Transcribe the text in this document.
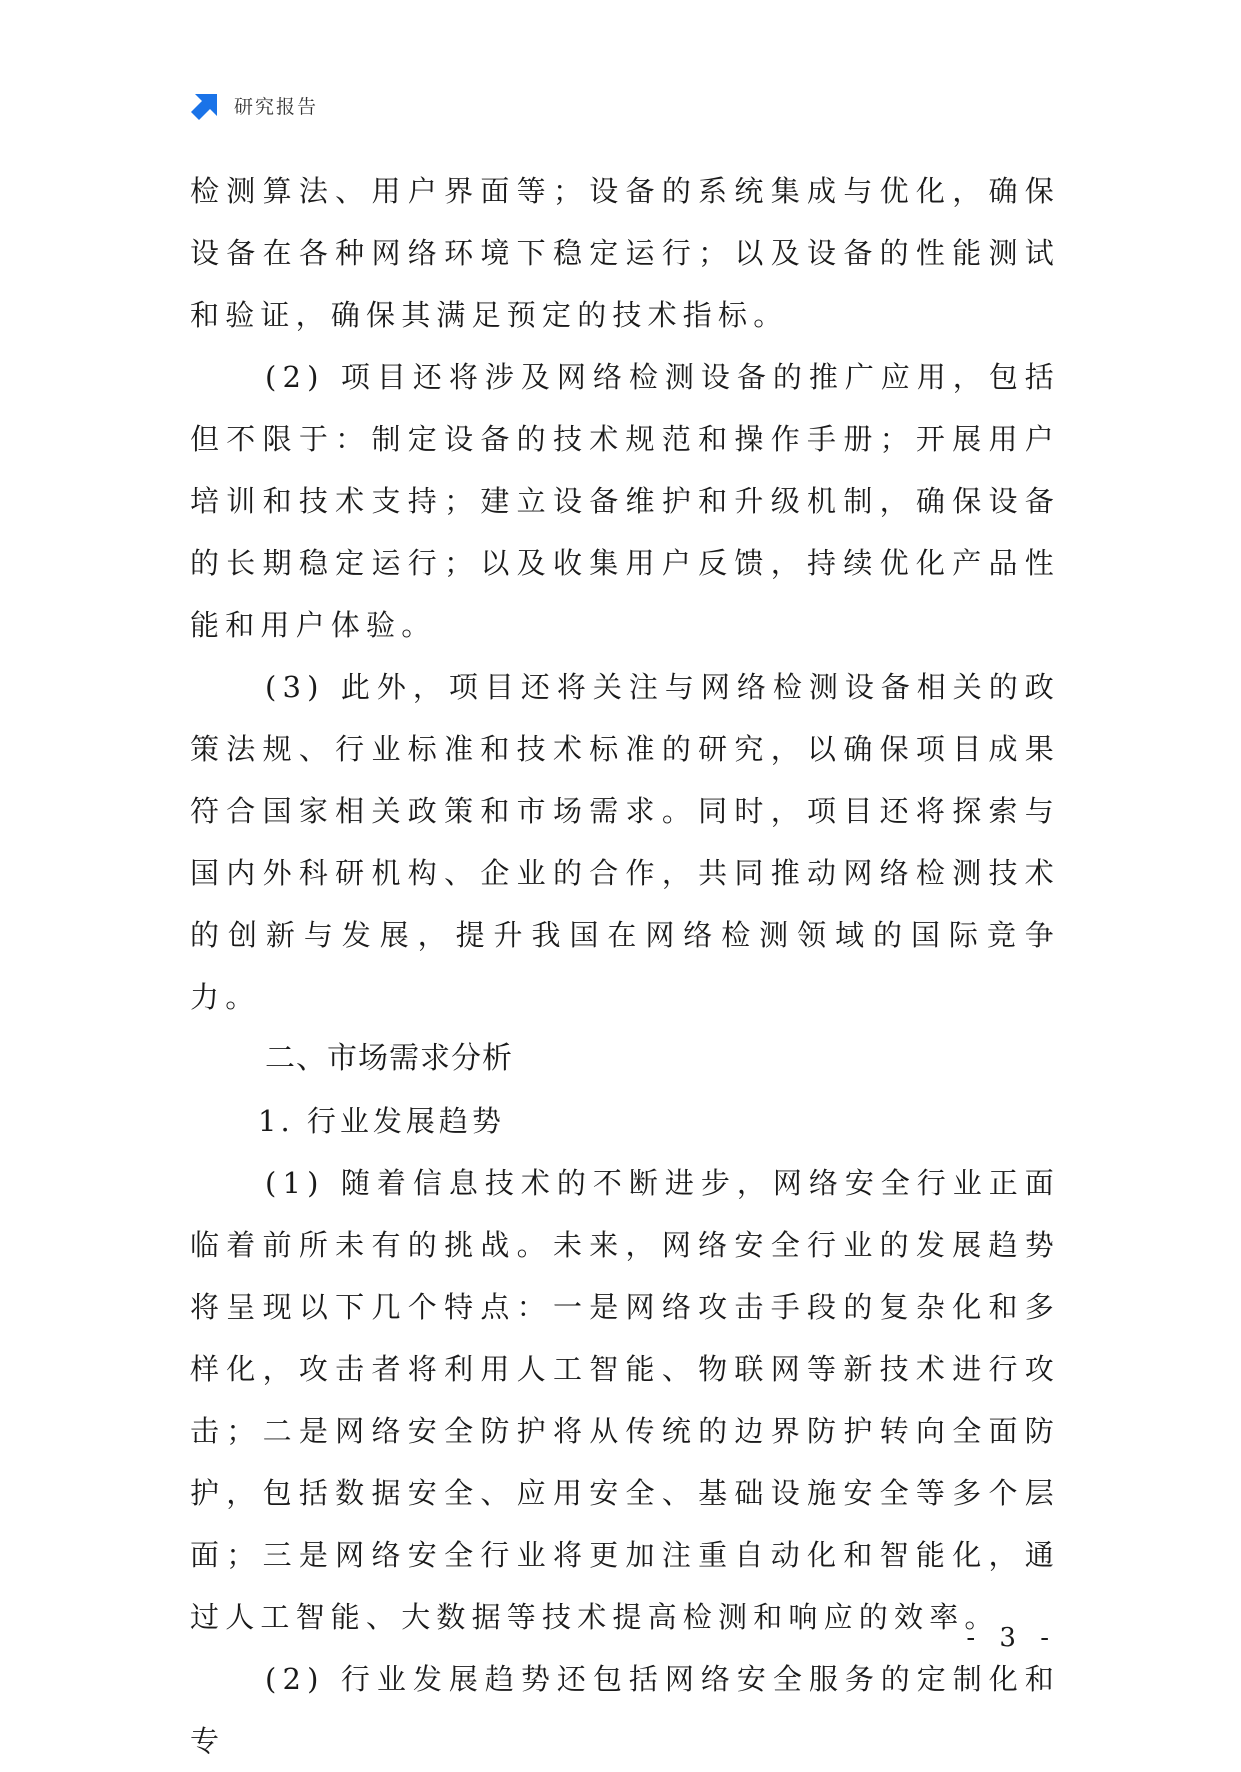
研究报告

检测算法、用户界面等；设备的系统集成与优化，确保设备在各种网络环境下稳定运行；以及设备的性能测试和验证，确保其满足预定的技术指标。

(2) 项目还将涉及网络检测设备的推广应用，包括但不限于：制定设备的技术规范和操作手册；开展用户培训和技术支持；建立设备维护和升级机制，确保设备的长期稳定运行；以及收集用户反馈，持续优化产品性能和用户体验。

(3) 此外，项目还将关注与网络检测设备相关的政策法规、行业标准和技术标准的研究，以确保项目成果符合国家相关政策和市场需求。同时，项目还将探索与国内外科研机构、企业的合作，共同推动网络检测技术的创新与发展，提升我国在网络检测领域的国际竞争力。

二、市场需求分析

1. 行业发展趋势

(1) 随着信息技术的不断进步，网络安全行业正面临着前所未有的挑战。未来，网络安全行业的发展趋势将呈现以下几个特点：一是网络攻击手段的复杂化和多样化，攻击者将利用人工智能、物联网等新技术进行攻击；二是网络安全防护将从传统的边界防护转向全面防护，包括数据安全、应用安全、基础设施安全等多个层面；三是网络安全行业将更加注重自动化和智能化，通过人工智能、大数据等技术提高检测和响应的效率。

(2) 行业发展趋势还包括网络安全服务的定制化和专

- 3 -
